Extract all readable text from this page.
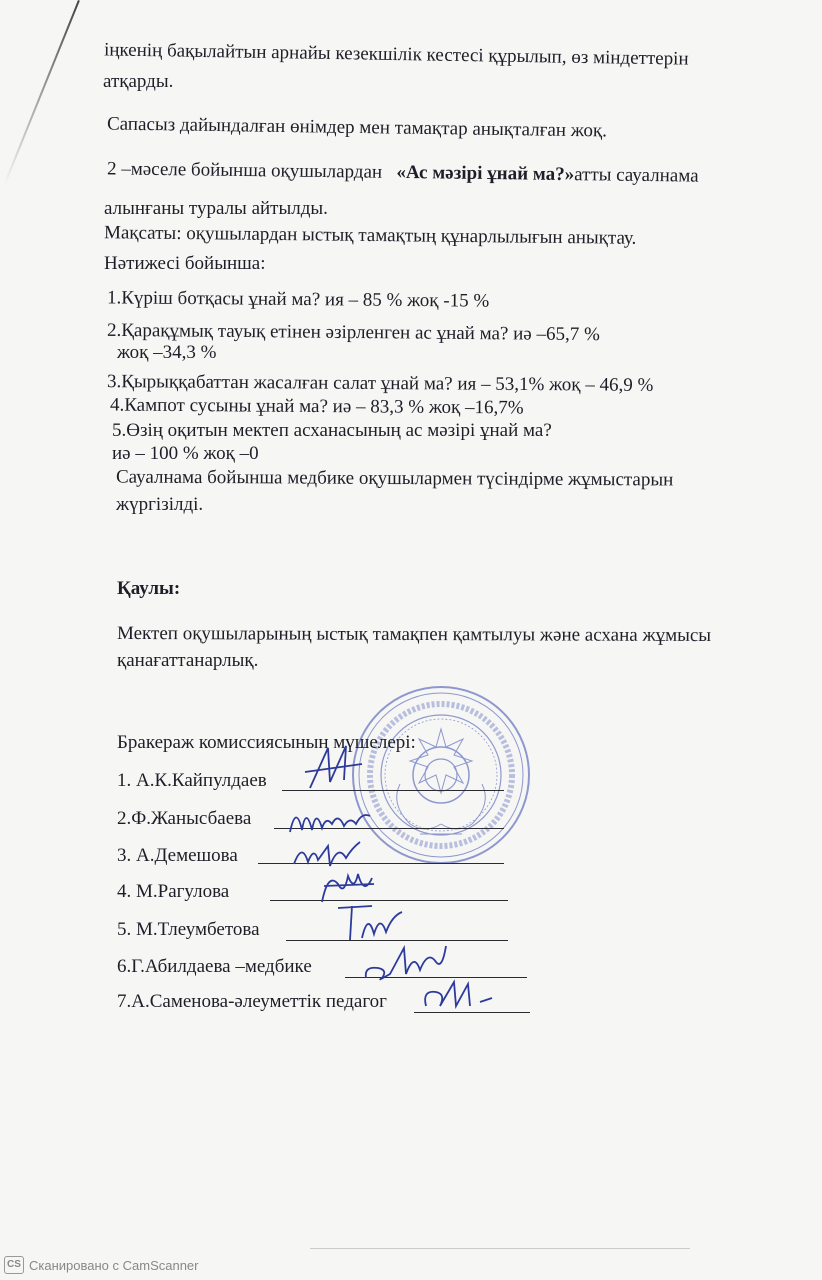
іңкенің бақылайтын арнайы кезекшілік кестесі құрылып, өз міндеттерін
атқарды.
Сапасыз дайындалған өнімдер мен тамақтар анықталған жоқ.
2 –мәселе бойынша оқушылардан «Ас мәзірі ұнай ма?»атты сауалнама
алынғаны туралы айтылды.
Мақсаты: оқушылардан ыстық тамақтың құнарлылығын анықтау.
Нәтижесі бойынша:
1.Күріш ботқасы ұнай ма? ия – 85 % жоқ -15 %
2.Қарақұмық тауық етінен әзірленген ас ұнай ма? иә –65,7 %
жоқ –34,3 %
3.Қырыққабаттан жасалған салат ұнай ма? ия – 53,1% жоқ – 46,9 %
4.Кампот сусыны ұнай ма? иә – 83,3 % жоқ –16,7%
5.Өзің оқитын мектеп асханасының ас мәзірі ұнай ма?
иә – 100 % жоқ –0
Сауалнама бойынша медбике оқушылармен түсіндірме жұмыстарын
жүргізілді.
Қаулы:
Мектеп оқушыларының ыстық тамақпен қамтылуы және асхана жұмысы
қанағаттанарлық.
Бракераж комиссиясының мүшелері:
1. А.К.Кайпулдаев
2.Ф.Жанысбаева
3. А.Демешова
4. М.Рагулова
5. М.Тлеумбетова
6.Г.Абилдаева –медбике
7.А.Саменова-әлеуметтік педагог
CS Сканировано с CamScanner
